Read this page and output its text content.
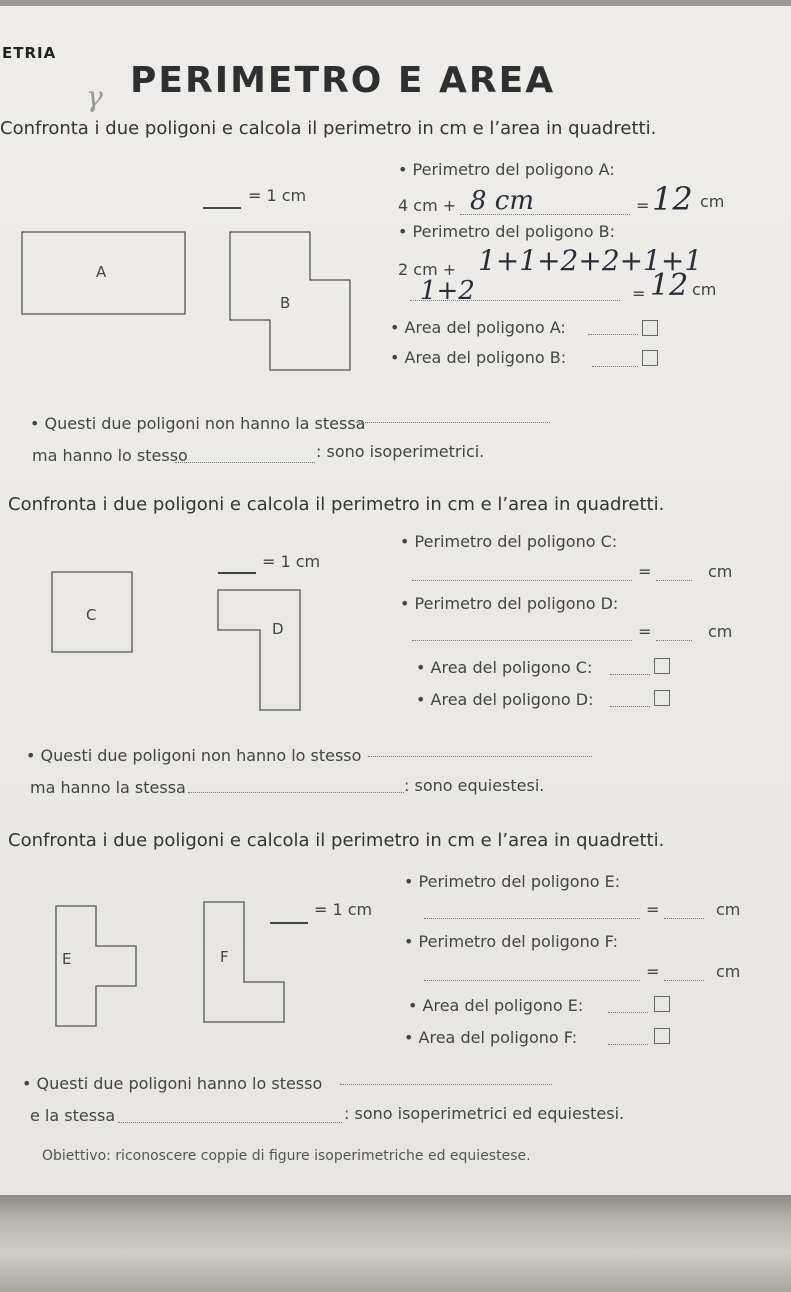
ETRIA
γ PERIMETRO E AREA
Confronta i due poligoni e calcola il perimetro in cm e l’area in quadretti.
= 1 cm
• Perimetro del poligono A:
4 cm + 8 cm	= 12 cm
• Perimetro del poligono B:
2 cm + 1+1+2+2+1+1
1+2	= 12 cm
• Area del poligono A:
• Area del poligono B:
• Questi due poligoni non hanno la stessa
ma hanno lo stesso	: sono isoperimetrici.
Confronta i due poligoni e calcola il perimetro in cm e l’area in quadretti.
= 1 cm
• Perimetro del poligono C:
=	cm
• Perimetro del poligono D:
=	cm
• Area del poligono C:
• Area del poligono D:
• Questi due poligoni non hanno lo stesso
ma hanno la stessa	: sono equiestesi.
Confronta i due poligoni e calcola il perimetro in cm e l’area in quadretti.
= 1 cm
• Perimetro del poligono E:
=	cm
• Perimetro del poligono F:
=	cm
• Area del poligono E:
• Area del poligono F:
• Questi due poligoni hanno lo stesso
e la stessa	: sono isoperimetrici ed equiestesi.
Obiettivo: riconoscere coppie di figure isoperimetriche ed equiestese.
A
B
C
D
E	F
